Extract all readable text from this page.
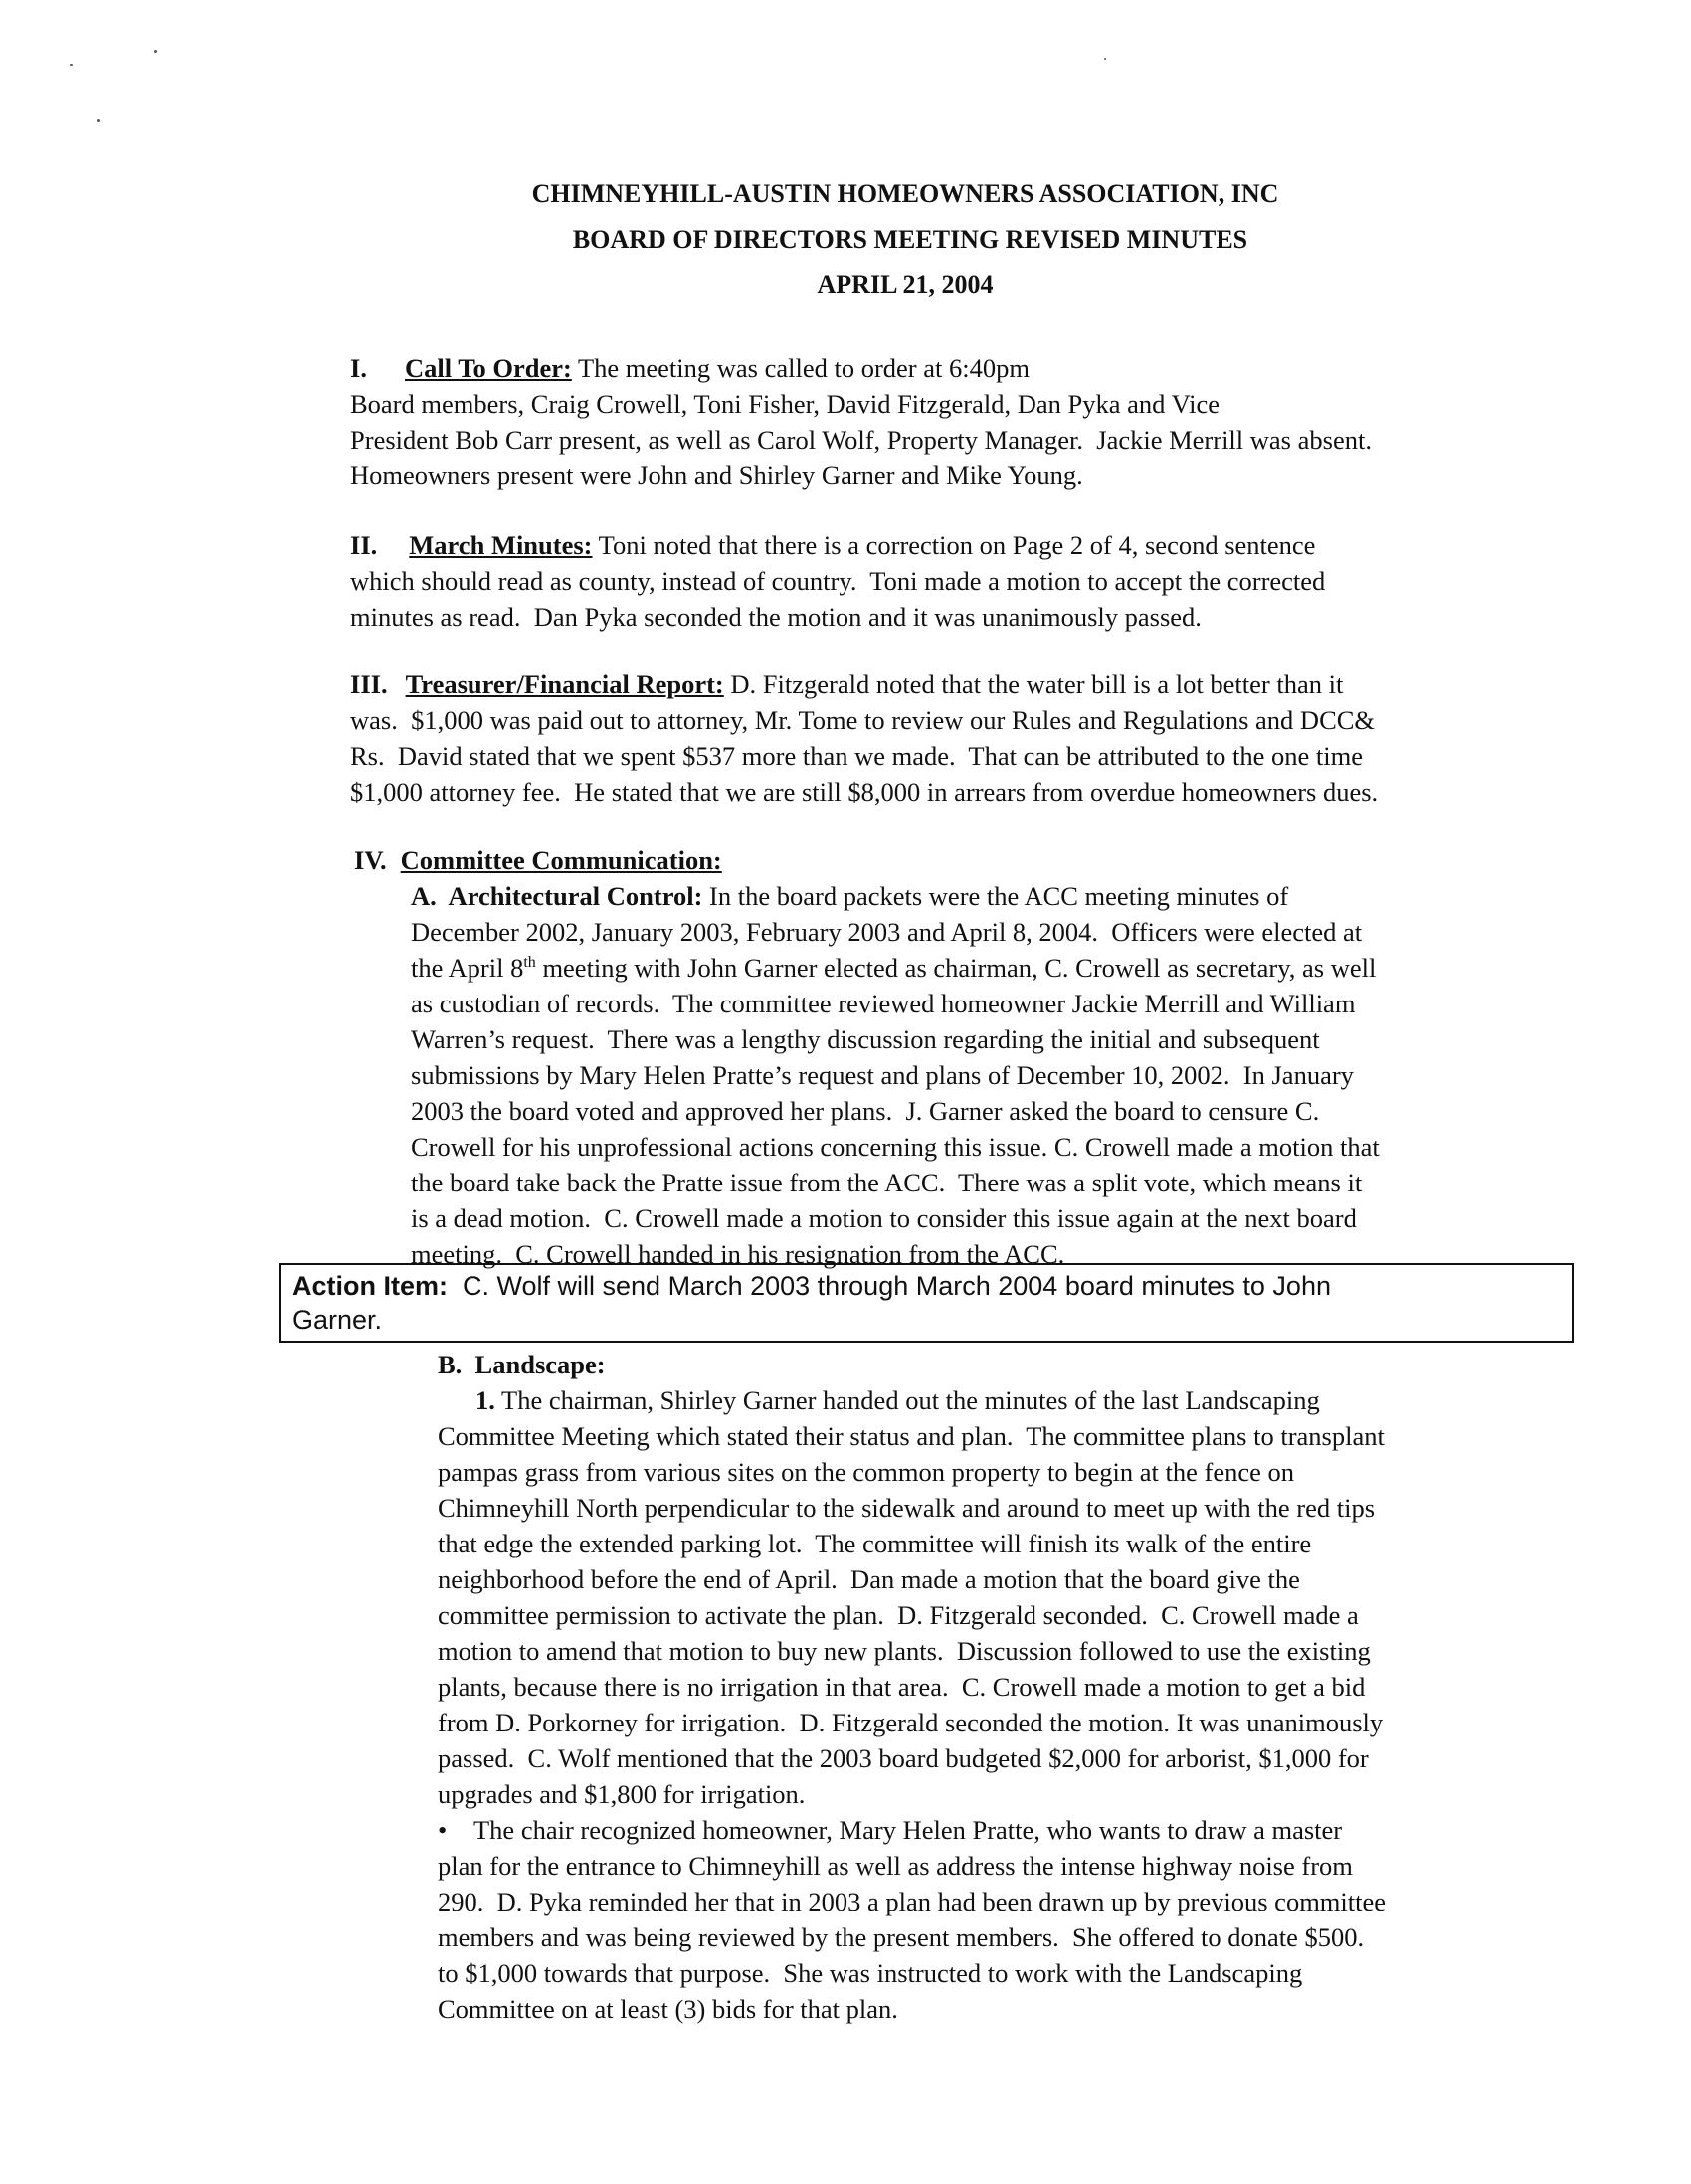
CHIMNEYHILL-AUSTIN HOMEOWNERS ASSOCIATION, INC
BOARD OF DIRECTORS MEETING REVISED MINUTES
APRIL 21, 2004
I. Call To Order: The meeting was called to order at 6:40pm
Board members, Craig Crowell, Toni Fisher, David Fitzgerald, Dan Pyka and Vice
President Bob Carr present, as well as Carol Wolf, Property Manager.  Jackie Merrill was absent.
Homeowners present were John and Shirley Garner and Mike Young.
II. March Minutes: Toni noted that there is a correction on Page 2 of 4, second sentence
which should read as county, instead of country.  Toni made a motion to accept the corrected
minutes as read.  Dan Pyka seconded the motion and it was unanimously passed.
III. Treasurer/Financial Report: D. Fitzgerald noted that the water bill is a lot better than it
was.  $1,000 was paid out to attorney, Mr. Tome to review our Rules and Regulations and DCC&
Rs.  David stated that we spent $537 more than we made.  That can be attributed to the one time
$1,000 attorney fee.  He stated that we are still $8,000 in arrears from overdue homeowners dues.
IV. Committee Communication:
A.  Architectural Control: In the board packets were the ACC meeting minutes of
December 2002, January 2003, February 2003 and April 8, 2004.  Officers were elected at
the April 8th meeting with John Garner elected as chairman, C. Crowell as secretary, as well
as custodian of records.  The committee reviewed homeowner Jackie Merrill and William
Warren’s request.  There was a lengthy discussion regarding the initial and subsequent
submissions by Mary Helen Pratte’s request and plans of December 10, 2002.  In January
2003 the board voted and approved her plans.  J. Garner asked the board to censure C.
Crowell for his unprofessional actions concerning this issue. C. Crowell made a motion that
the board take back the Pratte issue from the ACC.  There was a split vote, which means it
is a dead motion.  C. Crowell made a motion to consider this issue again at the next board
meeting.  C. Crowell handed in his resignation from the ACC.
Action Item:  C. Wolf will send March 2003 through March 2004 board minutes to John
Garner.
B.  Landscape:
1. The chairman, Shirley Garner handed out the minutes of the last Landscaping
Committee Meeting which stated their status and plan.  The committee plans to transplant
pampas grass from various sites on the common property to begin at the fence on
Chimneyhill North perpendicular to the sidewalk and around to meet up with the red tips
that edge the extended parking lot.  The committee will finish its walk of the entire
neighborhood before the end of April.  Dan made a motion that the board give the
committee permission to activate the plan.  D. Fitzgerald seconded.  C. Crowell made a
motion to amend that motion to buy new plants.  Discussion followed to use the existing
plants, because there is no irrigation in that area.  C. Crowell made a motion to get a bid
from D. Porkorney for irrigation.  D. Fitzgerald seconded the motion. It was unanimously
passed.  C. Wolf mentioned that the 2003 board budgeted $2,000 for arborist, $1,000 for
upgrades and $1,800 for irrigation.
• The chair recognized homeowner, Mary Helen Pratte, who wants to draw a master
plan for the entrance to Chimneyhill as well as address the intense highway noise from
290.  D. Pyka reminded her that in 2003 a plan had been drawn up by previous committee
members and was being reviewed by the present members.  She offered to donate $500.
to $1,000 towards that purpose.  She was instructed to work with the Landscaping
Committee on at least (3) bids for that plan.
